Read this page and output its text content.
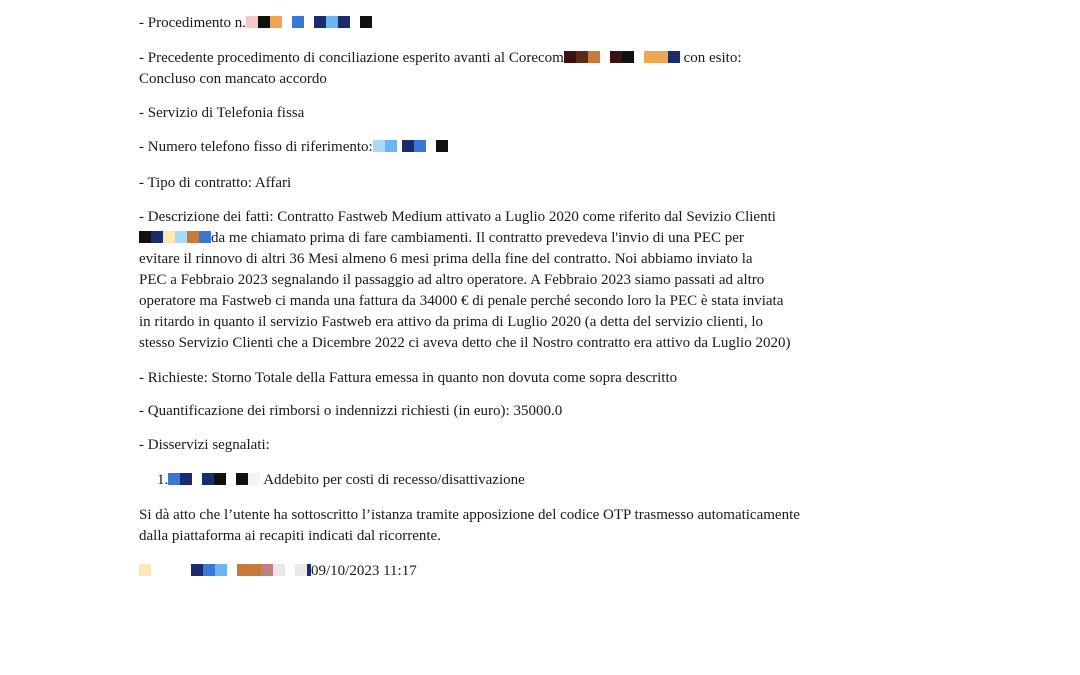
- Procedimento n.
- Precedente procedimento di conciliazione esperito avanti al Corecom	con esito:
Concluso con mancato accordo
- Servizio di Telefonia fissa
- Numero telefono fisso di riferimento:
- Tipo di contratto: Affari
- Descrizione dei fatti: Contratto Fastweb Medium attivato a Luglio 2020 come riferito dal Sevizio Clienti
da me chiamato prima di fare cambiamenti. Il contratto prevedeva l'invio di una PEC per
evitare il rinnovo di altri 36 Mesi almeno 6 mesi prima della fine del contratto. Noi abbiamo inviato la
PEC a Febbraio 2023 segnalando il passaggio ad altro operatore. A Febbraio 2023 siamo passati ad altro
operatore ma Fastweb ci manda una fattura da 34000 € di penale perché secondo loro la PEC è stata inviata
in ritardo in quanto il servizio Fastweb era attivo da prima di Luglio 2020 (a detta del servizio clienti, lo
stesso Servizio Clienti che a Dicembre 2022 ci aveva detto che il Nostro contratto era attivo da Luglio 2020)
- Richieste: Storno Totale della Fattura emessa in quanto non dovuta come sopra descritto
- Quantificazione dei rimborsi o indennizzi richiesti (in euro): 35000.0
- Disservizi segnalati:
1.	Addebito per costi di recesso/disattivazione
Si dà atto che l’utente ha sottoscritto l’istanza tramite apposizione del codice OTP trasmesso automaticamente
dalla piattaforma ai recapiti indicati dal ricorrente.
09/10/2023 11:17
